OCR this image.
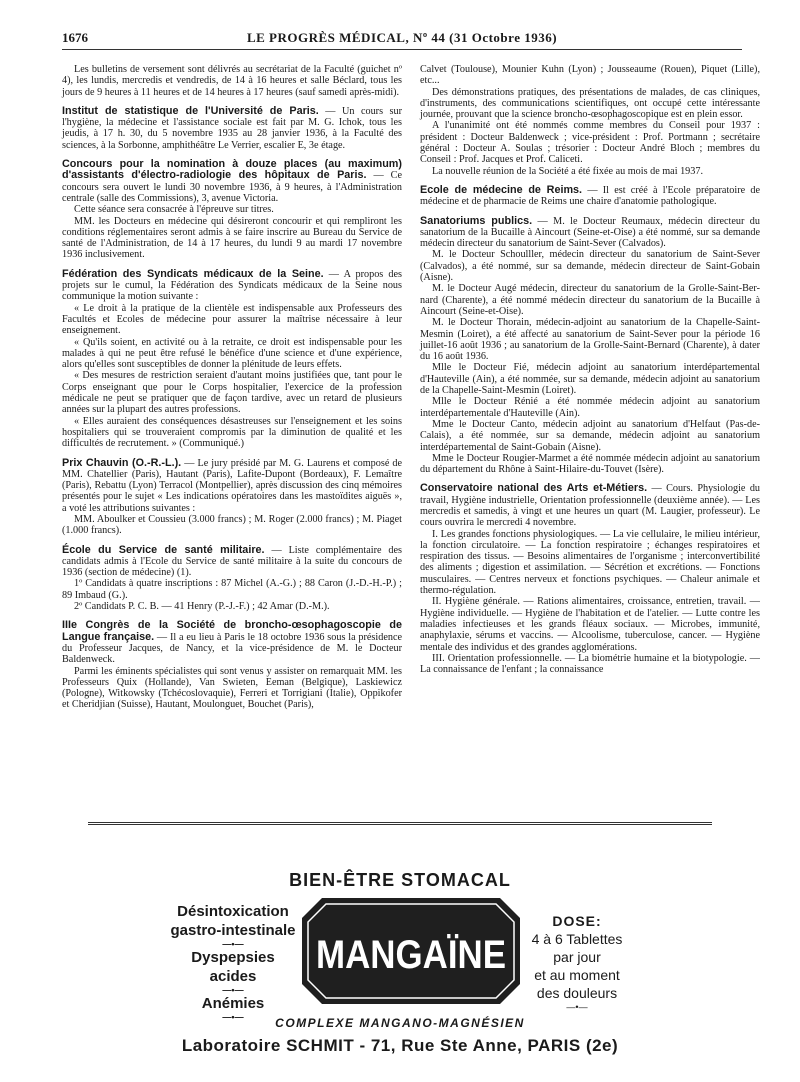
1676	LE PROGRÈS MÉDICAL, Nº 44 (31 Octobre 1936)

Les bulletins de versement sont délivrés au secrétariat de la Faculté (guichet nº 4), les lundis, mercredis et vendredis, de 14 à 16 heures et salle Béclard, tous les jours de 9 heures à 11 heures et de 14 heures à 17 heures (sauf samedi après-midi).

Institut de statistique de l'Université de Paris. — Un cours sur l'hygiène, la médecine et l'assistance sociale est fait par M. G. Ichok, tous les jeudis, à 17 h. 30, du 5 novembre 1935 au 28 janvier 1936, à la Faculté des sciences, à la Sorbonne, amphithéâtre Le Verrier, escalier E, 3e étage.

Concours pour la nomination à douze places (au maximum) d'assistants d'électro-radiologie des hôpitaux de Paris. — Ce concours sera ouvert le lundi 30 novembre 1936, à 9 heures, à l'Administration centrale (salle des Commissions), 3, avenue Victoria.

Cette séance sera consacrée à l'épreuve sur titres.

MM. les Docteurs en médecine qui désireront concourir et qui rempliront les conditions réglementaires seront admis à se faire inscrire au Bureau du Service de santé de l'Administration, de 14 à 17 heures, du lundi 9 au mardi 17 novembre 1936 inclusivement.

Fédération des Syndicats médicaux de la Seine. — A propos des projets sur le cumul, la Fédération des Syndicats médicaux de la Seine nous communique la motion suivante :

« Le droit à la pratique de la clientèle est indispensable aux Professeurs des Facultés et Ecoles de médecine pour assurer la maîtrise nécessaire à leur enseignement.

« Qu'ils soient, en activité ou à la retraite, ce droit est indispensable pour les malades à qui ne peut être refusé le bénéfice d'une science et d'une expérience, alors qu'elles sont susceptibles de donner la plénitude de leurs effets.

« Des mesures de restriction seraient d'autant moins justifiées que, tant pour le Corps enseignant que pour le Corps hospitalier, l'exercice de la profession médicale ne peut se pratiquer que de façon tardive, avec un retard de plusieurs années sur la plupart des autres professions.

« Elles auraient des conséquences désastreuses sur l'enseignement et les soins hospitaliers qui se trouveraient compromis par la diminution de qualité et les difficultés de recrutement. » (Communiqué.)

Prix Chauvin (O.-R.-L.). — Le jury présidé par M. G. Laurens et composé de MM. Chatellier (Paris), Hautant (Paris), Lafite-Dupont (Bordeaux), F. Lemaître (Paris), Rebattu (Lyon) Terracol (Montpellier), après discussion des cinq mémoires présentés pour le sujet « Les indications opératoires dans les mastoïdites aiguës », a voté les attributions suivantes :

MM. Aboulker et Coussieu (3.000 francs) ; M. Roger (2.000 francs) ; M. Piaget (1.000 francs).

École du Service de santé militaire. — Liste complémentaire des candidats admis à l'Ecole du Service de santé militaire à la suite du concours de 1936 (section de médecine) (1).

1º Candidats à quatre inscriptions : 87 Michel (A.-G.) ; 88 Caron (J.-D.-H.-P.) ; 89 Imbaud (G.).

2º Candidats P. C. B. — 41 Henry (P.-J.-F.) ; 42 Amar (D.-M.).

IIIe Congrès de la Société de broncho-œsophagoscopie de Langue française. — Il a eu lieu à Paris le 18 octobre 1936 sous la présidence du Professeur Jacques, de Nancy, et la vice-présidence de M. le Docteur Baldenweck.

Parmi les éminents spécialistes qui sont venus y assister on remarquait MM. les Professeurs Quix (Hollande), Van Swieten, Eeman (Belgique), Laskiewicz (Pologne), Witkowsky (Tchécoslovaquie), Ferreri et Torrigiani (Italie), Oppikofer et Cheridjian (Suisse), Hautant, Moulonguet, Bouchet (Paris),

Calvet (Toulouse), Mounier Kuhn (Lyon) ; Jousseaume (Rouen), Piquet (Lille), etc...

Des démonstrations pratiques, des présentations de malades, de cas cliniques, d'instruments, des communications scientifiques, ont occupé cette intéressante journée, prouvant que la science broncho-œsophagoscopique est en plein essor.

A l'unanimité ont été nommés comme membres du Conseil pour 1937 : président : Docteur Baldenweck ; vice-président : Prof. Portmann ; secrétaire général : Docteur A. Soulas ; trésorier : Docteur André Bloch ; membres du Conseil : Prof. Jacques et Prof. Caliceti.

La nouvelle réunion de la Société a été fixée au mois de mai 1937.

Ecole de médecine de Reims. — Il est créé à l'Ecole préparatoire de médecine et de pharmacie de Reims une chaire d'anatomie pathologique.

Sanatoriums publics. — M. le Docteur Reumaux, médecin directeur du sanatorium de la Bucaille à Aincourt (Seine-et-Oise) a été nommé, sur sa demande médecin directeur du sanatorium de Saint-Sever (Calvados).

M. le Docteur Schoulller, médecin directeur du sanatorium de Saint-Sever (Calvados), a été nommé, sur sa demande, médecin directeur de Saint-Gobain (Aisne).

M. le Docteur Augé médecin, directeur du sanatorium de la Grolle-Saint-Ber- nard (Charente), a été nommé médecin directeur du sanatorium de la Bucaille à Aincourt (Seine-et-Oise).

M. le Docteur Thorain, médecin-adjoint au sanatorium de la Chapelle-Saint-Mesmin (Loiret), a été affecté au sanatorium de Saint-Sever pour la période 16 juillet-16 août 1936 ; au sanatorium de la Grolle-Saint-Bernard (Charente), à dater du 16 août 1936.

Mlle le Docteur Fié, médecin adjoint au sanatorium interdépartemental d'Hauteville (Ain), a été nommée, sur sa demande, médecin adjoint au sanatorium de la Chapelle-Saint-Mesmin (Loiret).

Mlle le Docteur Rénié a été nommée médecin adjoint au sanatorium interdépartementale d'Hauteville (Ain).

Mme le Docteur Canto, médecin adjoint au sanatorium d'Helfaut (Pas-de-Calais), a été nommée, sur sa demande, médecin adjoint au sanatorium interdépartemental de Saint-Gobain (Aisne).

Mme le Docteur Rougier-Marmet a été nommée médecin adjoint au sanatorium du département du Rhône à Saint-Hilaire-du-Touvet (Isère).

Conservatoire national des Arts et-Métiers. — Cours. Physiologie du travail, Hygiène industrielle, Orientation professionnelle (deuxième année). — Les mercredis et samedis, à vingt et une heures un quart (M. Laugier, professeur). Le cours ouvrira le mercredi 4 novembre.

I. Les grandes fonctions physiologiques. — La vie cellulaire, le milieu intérieur, la fonction circulatoire. — La fonction respiratoire ; échanges respiratoires et respiration des tissus. — Besoins alimentaires de l'organisme ; interconvertibilité des aliments ; digestion et assimilation. — Sécrétion et excrétions. — Fonctions musculaires. — Centres nerveux et fonctions psychiques. — Chaleur animale et thermo-régulation.

II. Hygiène générale. — Rations alimentaires, croissance, entretien, travail. — Hygiène individuelle. — Hygiène de l'habitation et de l'atelier. — Lutte contre les maladies infectieuses et les grands fléaux sociaux. — Microbes, immunité, anaphylaxie, sérums et vaccins. — Alcoolisme, tuberculose, cancer. — Hygiène mentale des individus et des grandes agglomérations.

III. Orientation professionnelle. — La biométrie humaine et la biotypologie. — La connaissance de l'enfant ; la connaissance

BIEN-ÊTRE STOMACAL
Désintoxication
gastro-intestinale
—•—
Dyspepsies acides
—•—
Anémies
—•—
MANGAÏNE
DOSE:
4 à 6 Tablettes
par jour
et au moment
des douleurs
—•—
COMPLEXE MANGANO-MAGNÉSIEN
Laboratoire SCHMIT - 71, Rue Ste Anne, PARIS (2e)
